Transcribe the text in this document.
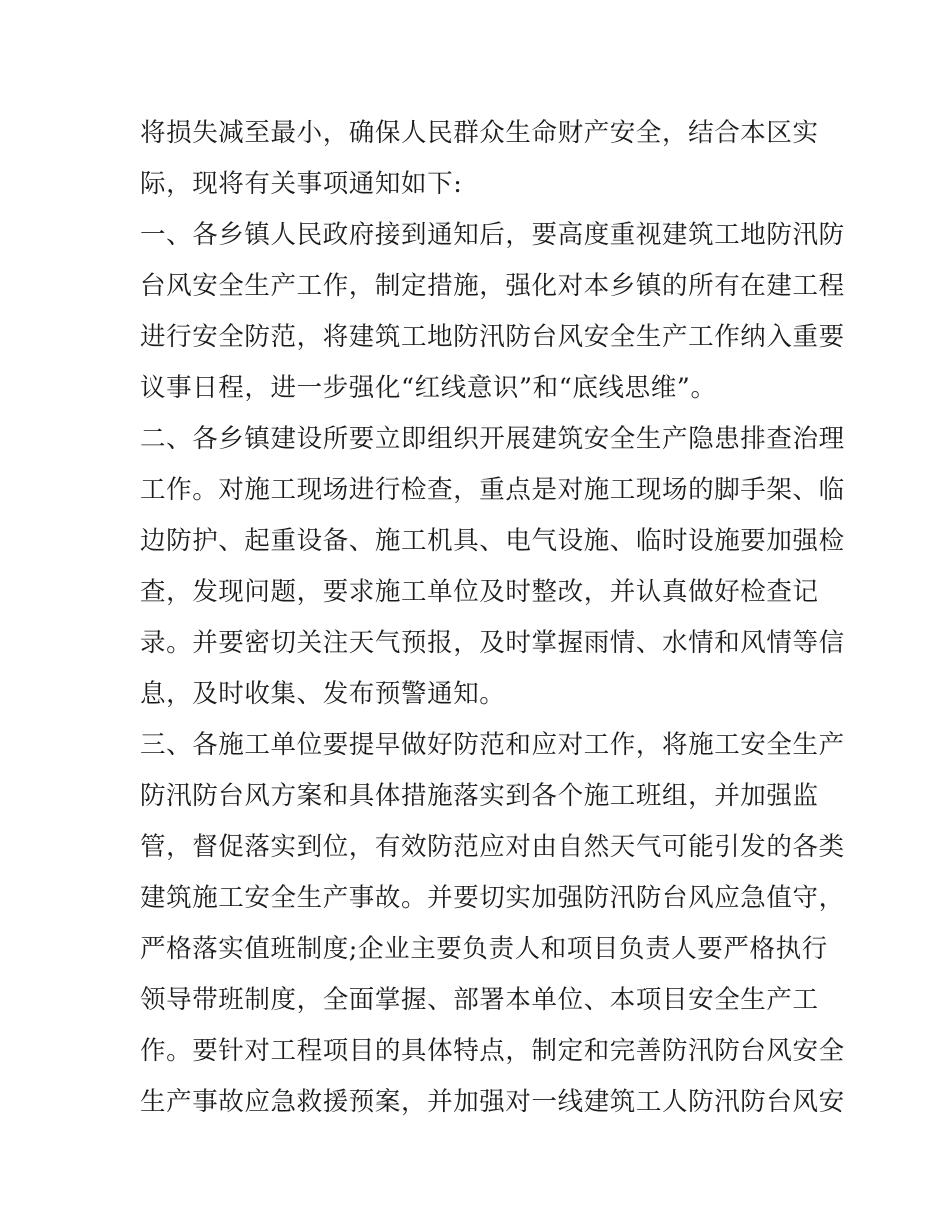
将损失减至最小，确保人民群众生命财产安全，结合本区实
际，现将有关事项通知如下:
一、各乡镇人民政府接到通知后，要高度重视建筑工地防汛防
台风安全生产工作，制定措施，强化对本乡镇的所有在建工程
进行安全防范，将建筑工地防汛防台风安全生产工作纳入重要
议事日程，进一步强化“红线意识”和“底线思维”。
二、各乡镇建设所要立即组织开展建筑安全生产隐患排查治理
工作。对施工现场进行检查，重点是对施工现场的脚手架、临
边防护、起重设备、施工机具、电气设施、临时设施要加强检
查，发现问题，要求施工单位及时整改，并认真做好检查记
录。并要密切关注天气预报，及时掌握雨情、水情和风情等信
息，及时收集、发布预警通知。
三、各施工单位要提早做好防范和应对工作，将施工安全生产
防汛防台风方案和具体措施落实到各个施工班组，并加强监
管，督促落实到位，有效防范应对由自然天气可能引发的各类
建筑施工安全生产事故。并要切实加强防汛防台风应急值守，
严格落实值班制度;企业主要负责人和项目负责人要严格执行
领导带班制度，全面掌握、部署本单位、本项目安全生产工
作。要针对工程项目的具体特点，制定和完善防汛防台风安全
生产事故应急救援预案，并加强对一线建筑工人防汛防台风安
